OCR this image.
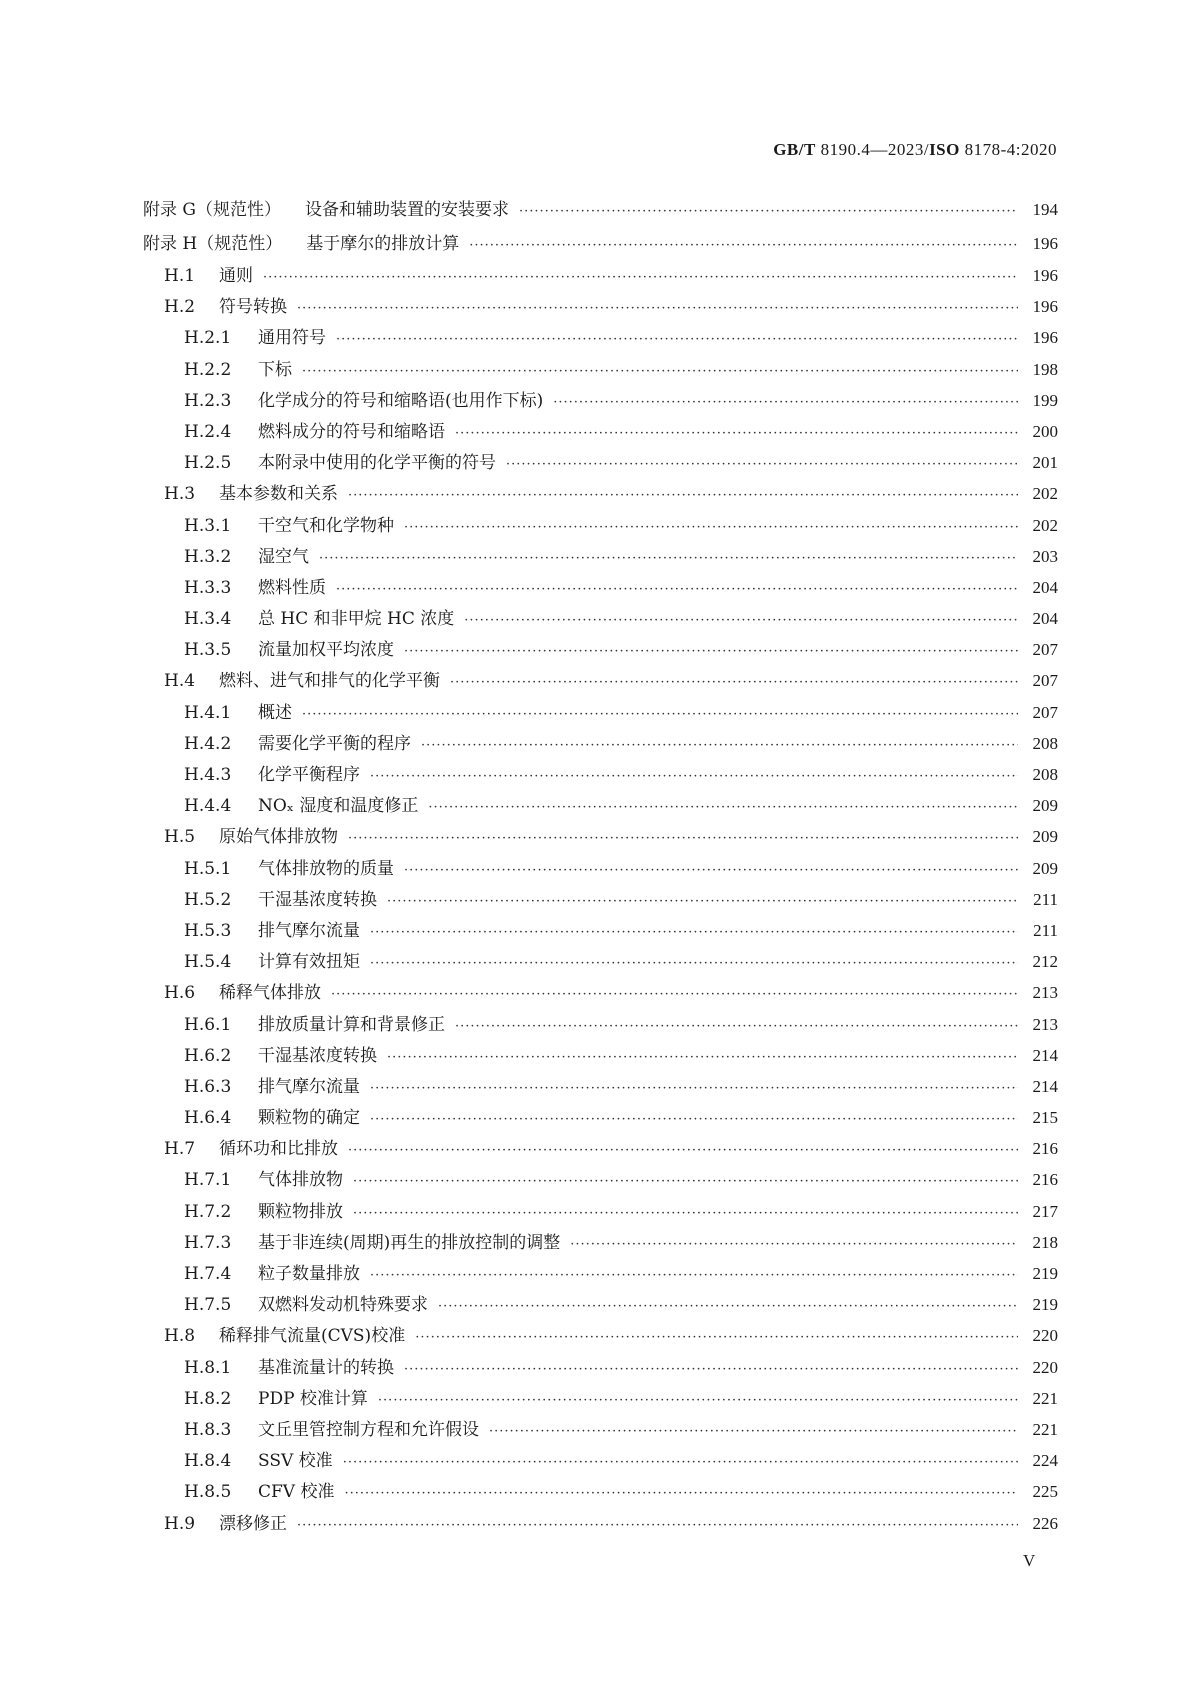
GB/T 8190.4—2023/ISO 8178-4:2020
附录 G（规范性） 设备和辅助装置的安装要求 ·····	194
附录 H（规范性） 基于摩尔的排放计算 ·····	196
H.1	通则 ·····	196
H.2	符号转换 ·····	196
H.2.1	通用符号 ·····	196
H.2.2	下标 ·····	198
H.2.3	化学成分的符号和缩略语(也用作下标) ·····	199
H.2.4	燃料成分的符号和缩略语 ·····	200
H.2.5	本附录中使用的化学平衡的符号 ·····	201
H.3	基本参数和关系 ·····	202
H.3.1	干空气和化学物种 ·····	202
H.3.2	湿空气 ·····	203
H.3.3	燃料性质 ·····	204
H.3.4	总 HC 和非甲烷 HC 浓度 ·····	204
H.3.5	流量加权平均浓度 ·····	207
H.4	燃料、进气和排气的化学平衡 ·····	207
H.4.1	概述 ·····	207
H.4.2	需要化学平衡的程序 ·····	208
H.4.3	化学平衡程序 ·····	208
H.4.4	NOₓ 湿度和温度修正 ·····	209
H.5	原始气体排放物 ·····	209
H.5.1	气体排放物的质量 ·····	209
H.5.2	干湿基浓度转换 ·····	211
H.5.3	排气摩尔流量 ·····	211
H.5.4	计算有效扭矩 ·····	212
H.6	稀释气体排放 ·····	213
H.6.1	排放质量计算和背景修正 ·····	213
H.6.2	干湿基浓度转换 ·····	214
H.6.3	排气摩尔流量 ·····	214
H.6.4	颗粒物的确定 ·····	215
H.7	循环功和比排放 ·····	216
H.7.1	气体排放物 ·····	216
H.7.2	颗粒物排放 ·····	217
H.7.3	基于非连续(周期)再生的排放控制的调整 ·····	218
H.7.4	粒子数量排放 ·····	219
H.7.5	双燃料发动机特殊要求 ·····	219
H.8	稀释排气流量(CVS)校准 ·····	220
H.8.1	基准流量计的转换 ·····	220
H.8.2	PDP 校准计算 ·····	221
H.8.3	文丘里管控制方程和允许假设 ·····	221
H.8.4	SSV 校准 ·····	224
H.8.5	CFV 校准 ·····	225
H.9	漂移修正 ·····	226
V
